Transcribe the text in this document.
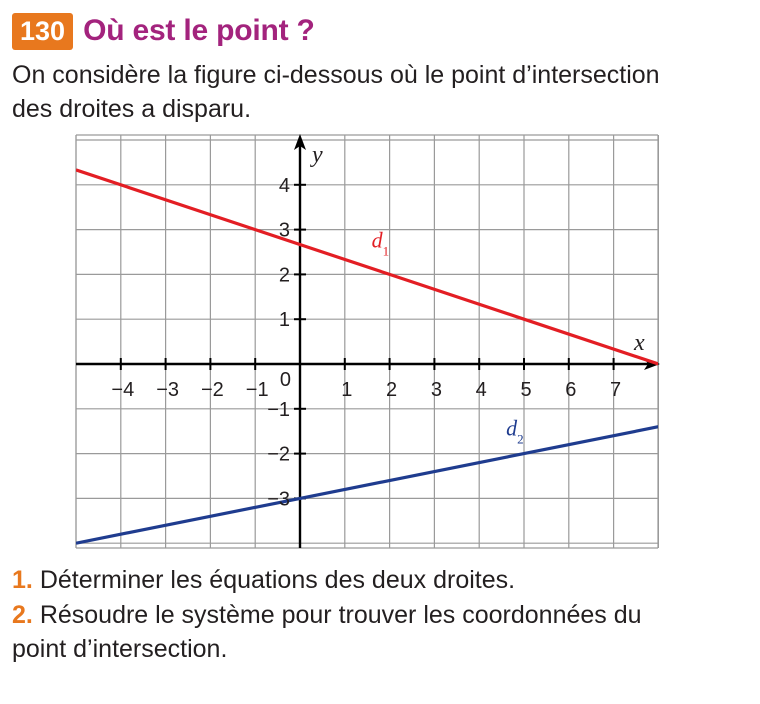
130 Où est le point ?

On considère la figure ci-dessous où le point d’intersection

des droites a disparu.

−4 −3 −2 −1	1 2 3 4 5 6 7
4
3
2
1
−1
−2
−3
0
x
y
$d_1$
$d_2$

1. Déterminer les équations des deux droites.

2. Résoudre le système pour trouver les coordonnées du

point d’intersection.
